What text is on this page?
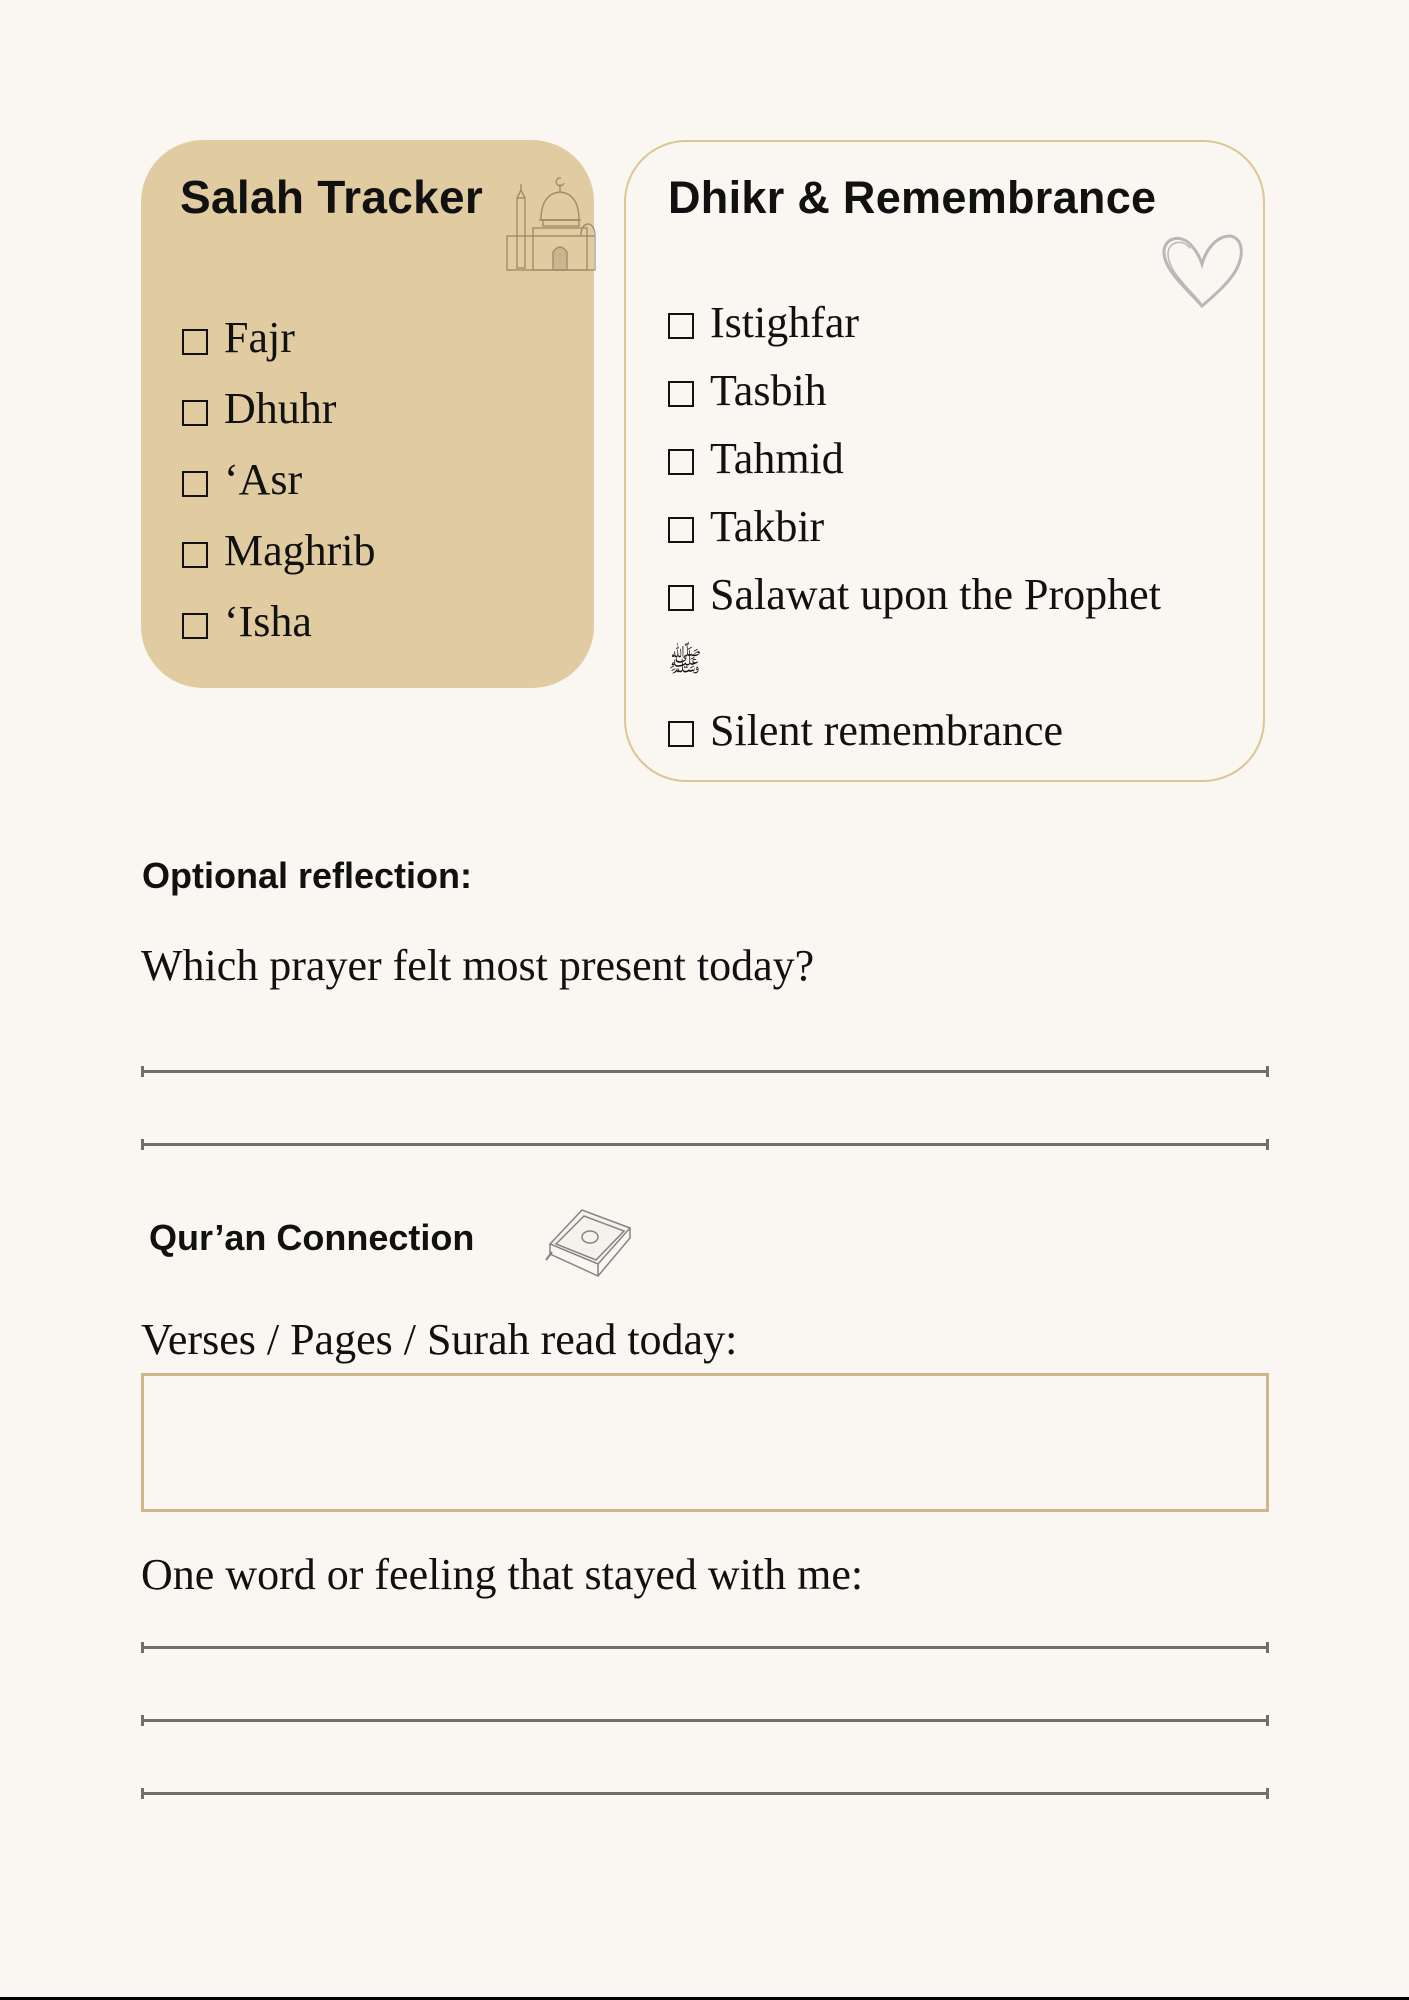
Salah Tracker
Fajr
Dhuhr
‘Asr
Maghrib
‘Isha
Dhikr & Remembrance
Istighfar
Tasbih
Tahmid
Takbir
Salawat upon the Prophet
ﷺ
Silent remembrance
Optional reflection:

Which prayer felt most present today?

Qur’an Connection

Verses / Pages / Surah read today:

One word or feeling that stayed with me:
